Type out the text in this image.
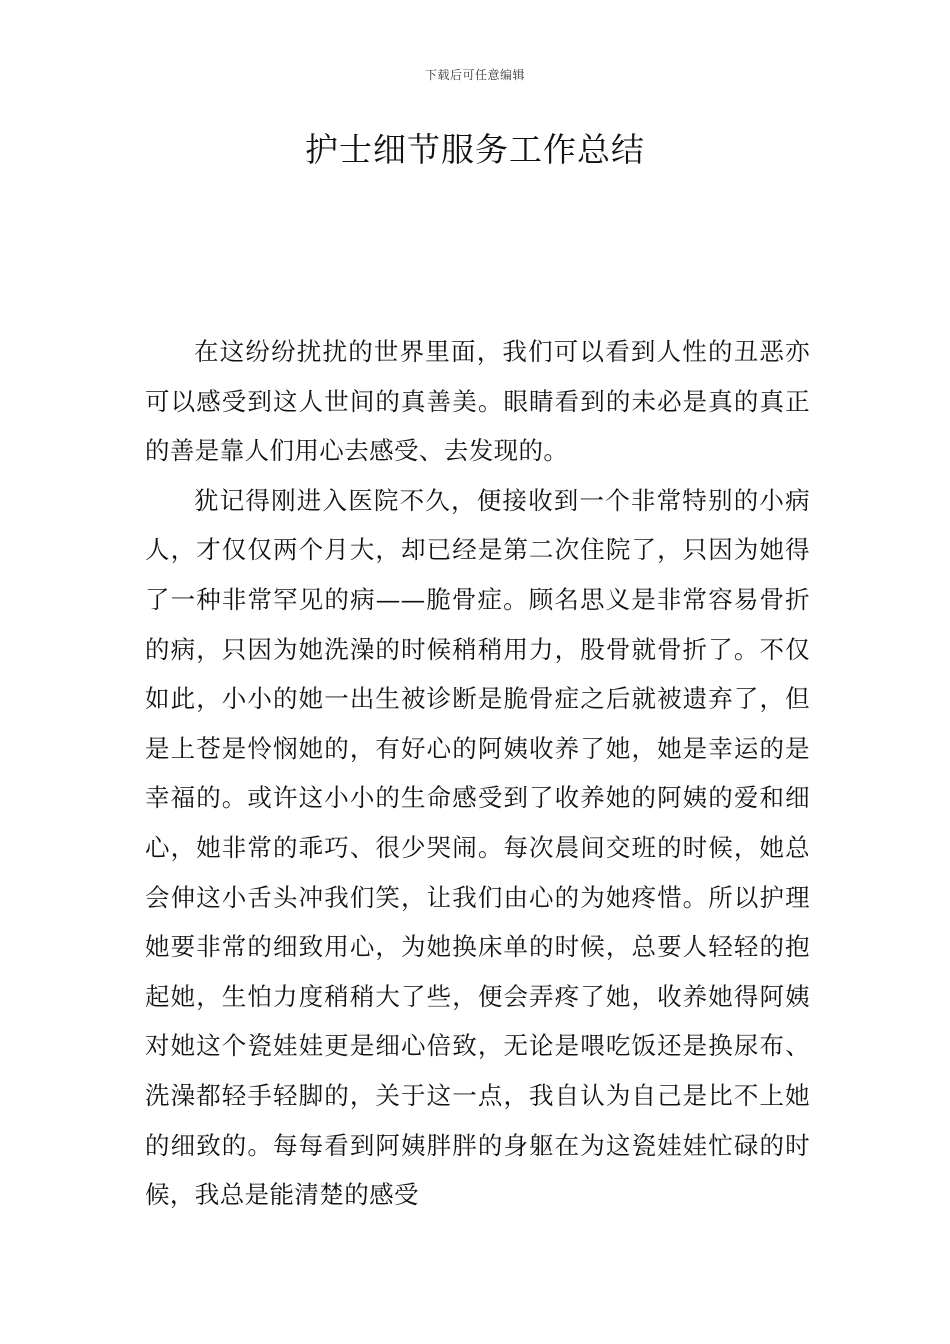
下载后可任意编辑
护士细节服务工作总结

在这纷纷扰扰的世界里面，我们可以看到人性的丑恶亦可以感受到这人世间的真善美。眼睛看到的未必是真的真正的善是靠人们用心去感受、去发现的。

犹记得刚进入医院不久，便接收到一个非常特别的小病人，才仅仅两个月大，却已经是第二次住院了，只因为她得了一种非常罕见的病——脆骨症。顾名思义是非常容易骨折的病，只因为她洗澡的时候稍稍用力，股骨就骨折了。不仅如此，小小的她一出生被诊断是脆骨症之后就被遗弃了，但是上苍是怜悯她的，有好心的阿姨收养了她，她是幸运的是幸福的。或许这小小的生命感受到了收养她的阿姨的爱和细心，她非常的乖巧、很少哭闹。每次晨间交班的时候，她总会伸这小舌头冲我们笑，让我们由心的为她疼惜。所以护理她要非常的细致用心，为她换床单的时候，总要人轻轻的抱起她，生怕力度稍稍大了些，便会弄疼了她，收养她得阿姨对她这个瓷娃娃更是细心倍致，无论是喂吃饭还是换尿布、洗澡都轻手轻脚的，关于这一点，我自认为自己是比不上她的细致的。每每看到阿姨胖胖的身躯在为这瓷娃娃忙碌的时候，我总是能清楚的感受
